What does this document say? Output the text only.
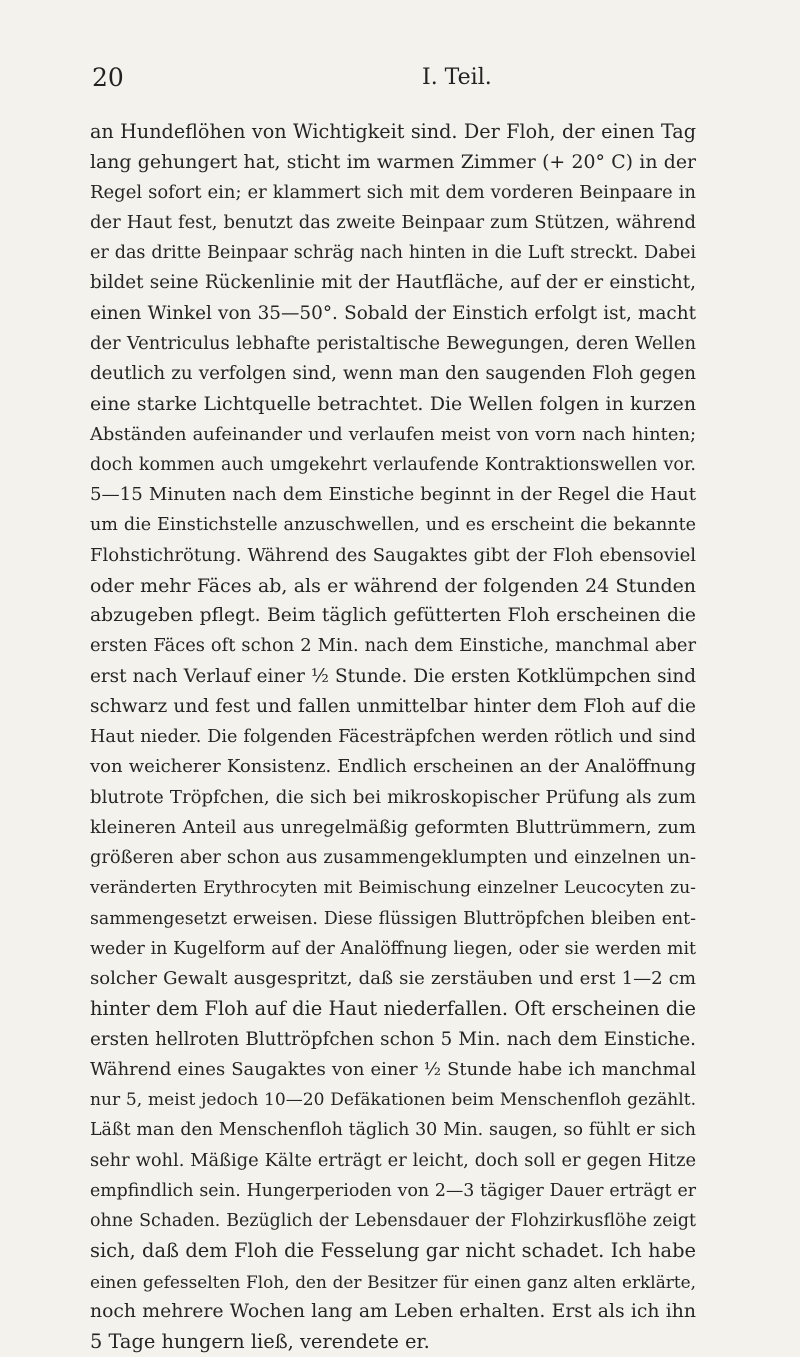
20	I. Teil.
an Hundeflöhen von Wichtigkeit sind. Der Floh, der einen Tag
lang gehungert hat, sticht im warmen Zimmer (+ 20° C) in der
Regel sofort ein; er klammert sich mit dem vorderen Beinpaare in
der Haut fest, benutzt das zweite Beinpaar zum Stützen, während
er das dritte Beinpaar schräg nach hinten in die Luft streckt. Dabei
bildet seine Rückenlinie mit der Hautfläche, auf der er einsticht,
einen Winkel von 35—50°. Sobald der Einstich erfolgt ist, macht
der Ventriculus lebhafte peristaltische Bewegungen, deren Wellen
deutlich zu verfolgen sind, wenn man den saugenden Floh gegen
eine starke Lichtquelle betrachtet. Die Wellen folgen in kurzen
Abständen aufeinander und verlaufen meist von vorn nach hinten;
doch kommen auch umgekehrt verlaufende Kontraktionswellen vor.
5—15 Minuten nach dem Einstiche beginnt in der Regel die Haut
um die Einstichstelle anzuschwellen, und es erscheint die bekannte
Flohstichrötung. Während des Saugaktes gibt der Floh ebensoviel
oder mehr Fäces ab, als er während der folgenden 24 Stunden
abzugeben pflegt. Beim täglich gefütterten Floh erscheinen die
ersten Fäces oft schon 2 Min. nach dem Einstiche, manchmal aber
erst nach Verlauf einer ½ Stunde. Die ersten Kotklümpchen sind
schwarz und fest und fallen unmittelbar hinter dem Floh auf die
Haut nieder. Die folgenden Fäcesträpfchen werden rötlich und sind
von weicherer Konsistenz. Endlich erscheinen an der Analöffnung
blutrote Tröpfchen, die sich bei mikroskopischer Prüfung als zum
kleineren Anteil aus unregelmäßig geformten Bluttrümmern, zum
größeren aber schon aus zusammengeklumpten und einzelnen un-
veränderten Erythrocyten mit Beimischung einzelner Leucocyten zu-
sammengesetzt erweisen. Diese flüssigen Bluttröpfchen bleiben ent-
weder in Kugelform auf der Analöffnung liegen, oder sie werden mit
solcher Gewalt ausgespritzt, daß sie zerstäuben und erst 1—2 cm
hinter dem Floh auf die Haut niederfallen. Oft erscheinen die
ersten hellroten Bluttröpfchen schon 5 Min. nach dem Einstiche.
Während eines Saugaktes von einer ½ Stunde habe ich manchmal
nur 5, meist jedoch 10—20 Defäkationen beim Menschenfloh gezählt.
Läßt man den Menschenfloh täglich 30 Min. saugen, so fühlt er sich
sehr wohl. Mäßige Kälte erträgt er leicht, doch soll er gegen Hitze
empfindlich sein. Hungerperioden von 2—3 tägiger Dauer erträgt er
ohne Schaden. Bezüglich der Lebensdauer der Flohzirkusflöhe zeigt
sich, daß dem Floh die Fesselung gar nicht schadet. Ich habe
einen gefesselten Floh, den der Besitzer für einen ganz alten erklärte,
noch mehrere Wochen lang am Leben erhalten. Erst als ich ihn
5 Tage hungern ließ, verendete er.
